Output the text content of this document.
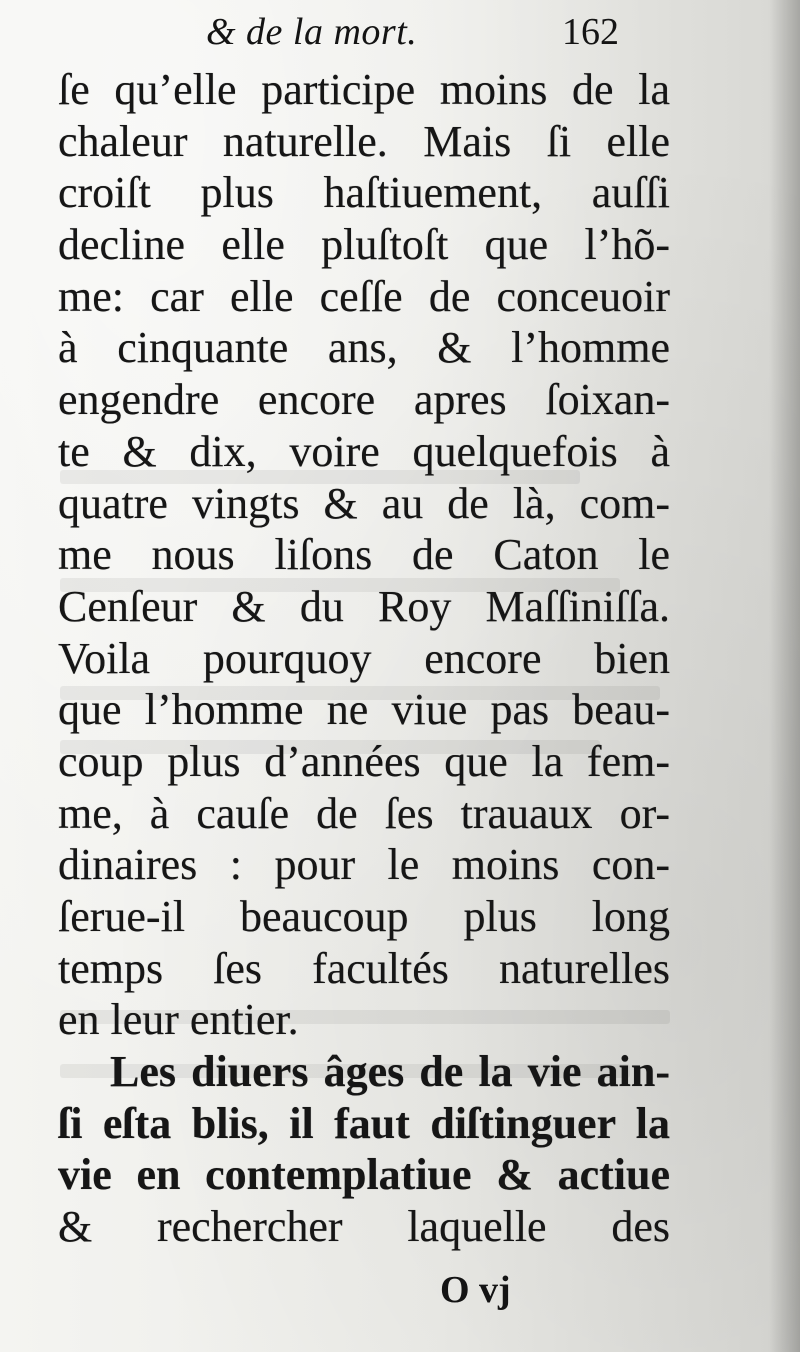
& de la mort.	162
ſe qu’elle participe moins de la
chaleur naturelle. Mais ſi elle
croiſt plus haſtiuement, auſſi
decline elle pluſtoſt que l’hõ-
me: car elle ceſſe de conceuoir
à cinquante ans, & l’homme
engendre encore apres ſoixan-
te & dix, voire quelquefois à
quatre vingts & au de là, com-
me nous liſons de Caton le
Cenſeur & du Roy Maſſiniſſa.
Voila pourquoy encore bien
que l’homme ne viue pas beau-
coup plus d’années que la fem-
me, à cauſe de ſes trauaux or-
dinaires : pour le moins con-
ſerue-il beaucoup plus long
temps ſes facultés naturelles
en leur entier.
Les diuers âges de la vie ain-
ſi eſta blis, il faut diſtinguer la
vie en contemplatiue & actiue
& rechercher laquelle des
O vj
